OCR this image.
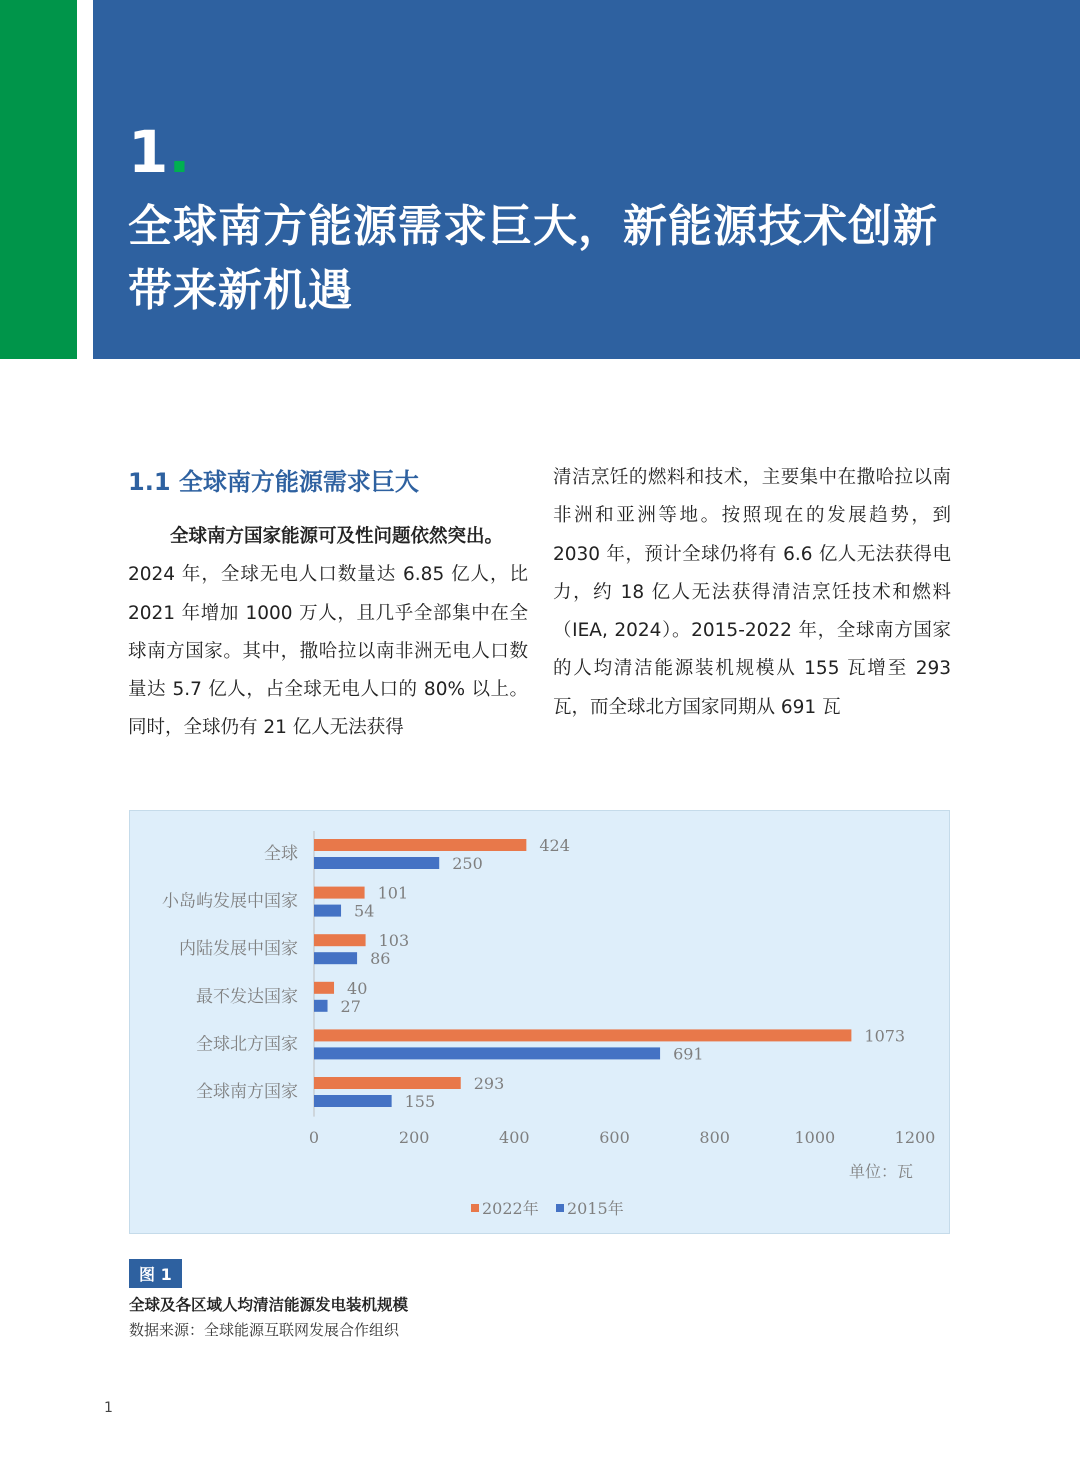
1.
全球南方能源需求巨大，新能源技术创新带来新机遇
1.1 全球南方能源需求巨大
全球南方国家能源可及性问题依然突出。
2024 年，全球无电人口数量达 6.85 亿人，比 2021 年增加 1000 万人，且几乎全部集中在全球南方国家。其中，撒哈拉以南非洲无电人口数量达 5.7 亿人，占全球无电人口的 80% 以上。同时，全球仍有 21 亿人无法获得
清洁烹饪的燃料和技术，主要集中在撒哈拉以南非洲和亚洲等地。按照现在的发展趋势，到 2030 年，预计全球仍将有 6.6 亿人无法获得电力，约 18 亿人无法获得清洁烹饪技术和燃料（IEA, 2024）。2015-2022 年，全球南方国家的人均清洁能源装机规模从 155 瓦增至 293 瓦，而全球北方国家同期从 691 瓦
全球	424
250
小岛屿发展中国家	101
54
内陆发展中国家	103
86
最不发达国家	40
27
全球北方国家	1073
691
全球南方国家	293
155
0	200	400	600	800	1000	1200
单位：瓦
2022年 2015年
图 1
全球及各区域人均清洁能源发电装机规模
数据来源：全球能源互联网发展合作组织
1
